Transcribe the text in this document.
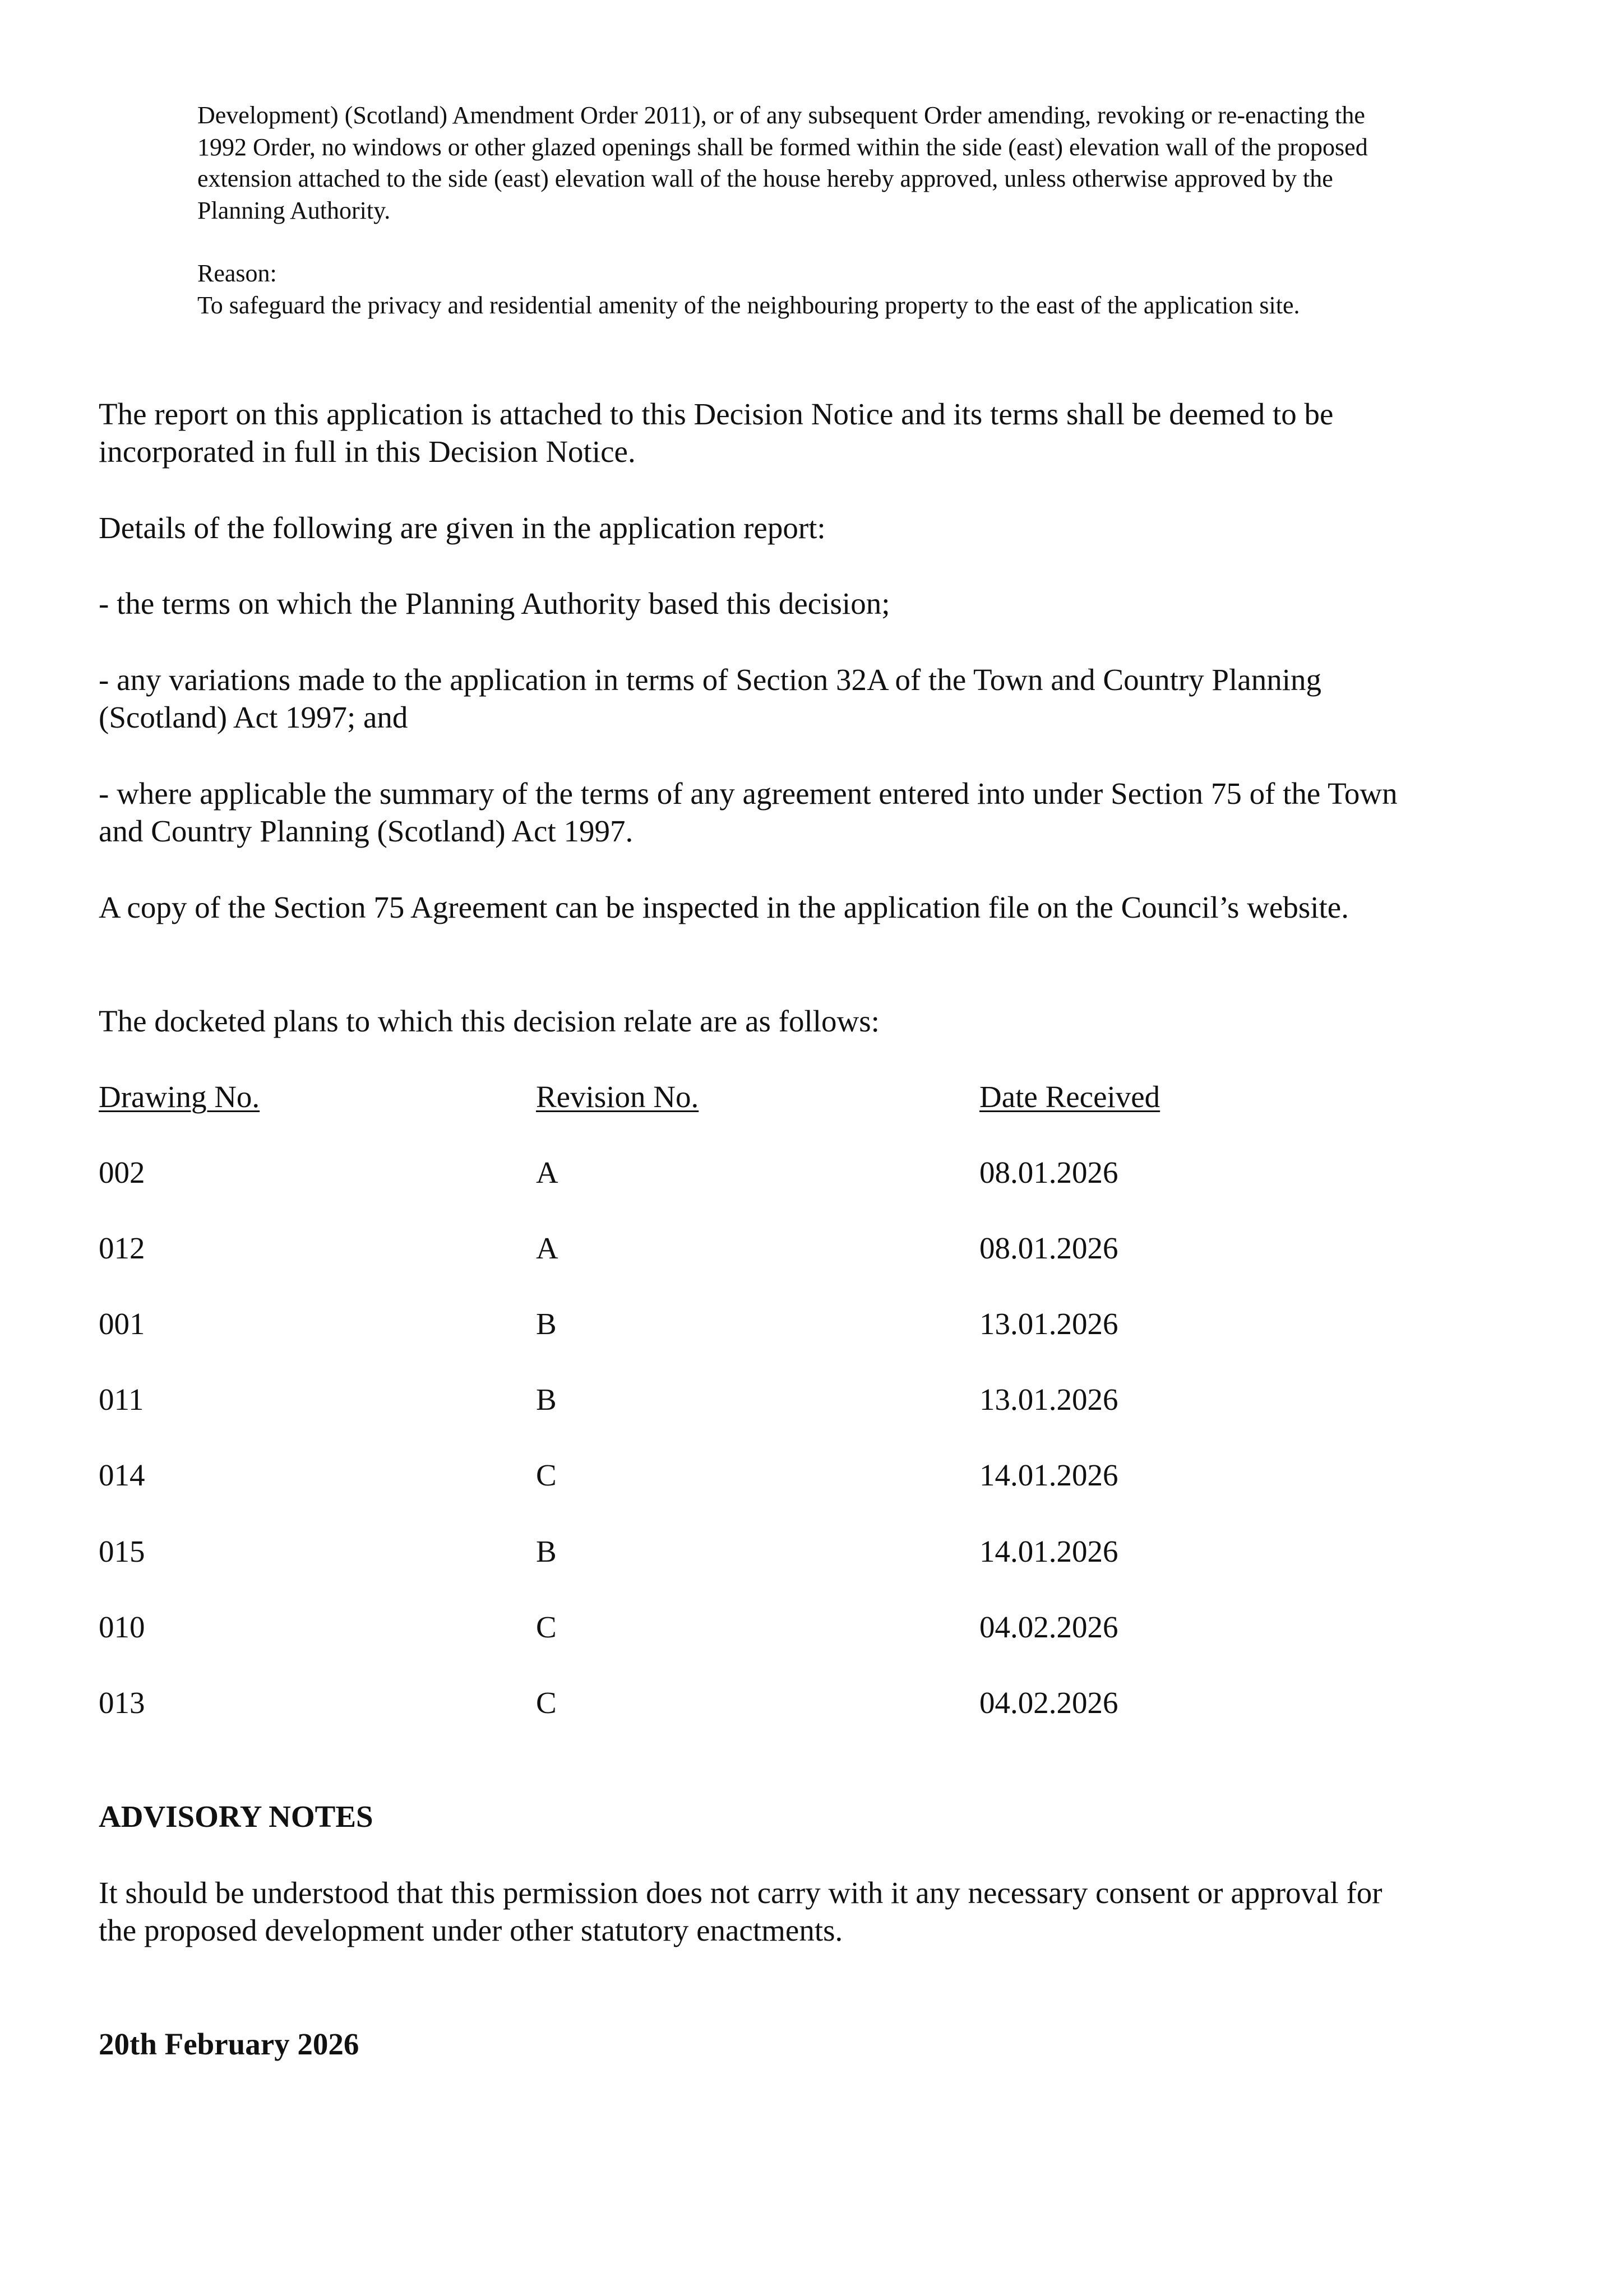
Development) (Scotland) Amendment Order 2011), or of any subsequent Order amending, revoking or re-enacting the 1992 Order, no windows or other glazed openings shall be formed within the side (east) elevation wall of the proposed extension attached to the side (east) elevation wall of the house hereby approved, unless otherwise approved by the Planning Authority.

Reason:

To safeguard the privacy and residential amenity of the neighbouring property to the east of the application site.

The report on this application is attached to this Decision Notice and its terms shall be deemed to be incorporated in full in this Decision Notice.

Details of the following are given in the application report:

- the terms on which the Planning Authority based this decision;

- any variations made to the application in terms of Section 32A of the Town and Country Planning (Scotland) Act 1997; and

- where applicable the summary of the terms of any agreement entered into under Section 75 of the Town and Country Planning (Scotland) Act 1997.

A copy of the Section 75 Agreement can be inspected in the application file on the Council’s website.

The docketed plans to which this decision relate are as follows:

Drawing No.	Revision No.	Date Received
002	A	08.01.2026
012	A	08.01.2026
001	B	13.01.2026
011	B	13.01.2026
014	C	14.01.2026
015	B	14.01.2026
010	C	04.02.2026
013	C	04.02.2026

ADVISORY NOTES

It should be understood that this permission does not carry with it any necessary consent or approval for the proposed development under other statutory enactments.

20th February 2026
